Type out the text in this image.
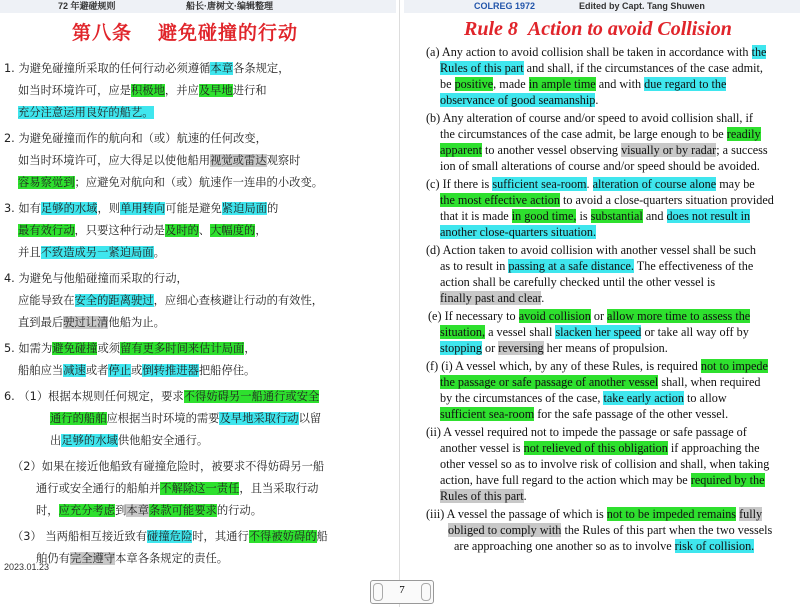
72 年避碰规则	船长·唐树文·编辑整理	COLREG 1972	Edited by Capt. Tang Shuwen
第八条 避免碰撞的行动	Rule 8 Action to avoid Collision
1. 为避免碰撞所采取的任何行动必须遵循本章各条规定，
如当时环境许可，应是积极地，并应及早地进行和
充分注意运用良好的船艺。
2. 为避免碰撞而作的航向和（或）航速的任何改变，
如当时环境许可，应大得足以使他船用视觉或雷达观察时
容易察觉到；应避免对航向和（或）航速作一连串的小改变。
3. 如有足够的水域，则单用转向可能是避免紧迫局面的
最有效行动，只要这种行动是及时的、大幅度的，
并且不致造成另一紧迫局面。
4. 为避免与他船碰撞而采取的行动，
应能导致在安全的距离驶过，应细心查核避让行动的有效性，
直到最后驶过让清他船为止。
5. 如需为避免碰撞或须留有更多时间来估计局面，
船舶应当减速或者停止或倒转推进器把船停住。
6. （1）根据本规则任何规定，要求不得妨碍另一船通行或安全
通行的船舶应根据当时环境的需要及早地采取行动以留
出足够的水域供他船安全通行。
（2）如果在接近他船致有碰撞危险时，被要求不得妨碍另一船
通行或安全通行的船舶并不解除这一责任，且当采取行动
时，应充分考虑到本章条款可能要求的行动。
（3） 当两船相互接近致有碰撞危险时，其通行不得被妨碍的船
舶仍有完全遵守本章各条规定的责任。
(a) Any action to avoid collision shall be taken in accordance with the
Rules of this part and shall, if the circumstances of the case admit,
be positive, made in ample time and with due regard to the
observance of good seamanship.
(b) Any alteration of course and/or speed to avoid collision shall, if
the circumstances of the case admit, be large enough to be readily
apparent to another vessel observing visually or by radar; a success
ion of small alterations of course and/or speed should be avoided.
(c) If there is sufficient sea-room. alteration of course alone may be
the most effective action to avoid a close-quarters situation provided
that it is made in good time, is substantial and does not result in
another close-quarters situation.
(d) Action taken to avoid collision with another vessel shall be such
as to result in passing at a safe distance. The effectiveness of the
action shall be carefully checked until the other vessel is
finally past and clear.
(e) If necessary to avoid collision or allow more time to assess the
situation, a vessel shall slacken her speed or take all way off by
stopping or reversing her means of propulsion.
(f) (i) A vessel which, by any of these Rules, is required not to impede
the passage or safe passage of another vessel shall, when required
by the circumstances of the case, take early action to allow
sufficient sea-room for the safe passage of the other vessel.
(ii) A vessel required not to impede the passage or safe passage of
another vessel is not relieved of this obligation if approaching the
other vessel so as to involve risk of collision and shall, when taking
action, have full regard to the action which may be required by the
Rules of this part.
(iii) A vessel the passage of which is not to be impeded remains fully
obliged to comply with the Rules of this part when the two vessels
are approaching one another so as to involve risk of collision.
2023.01.23
7
